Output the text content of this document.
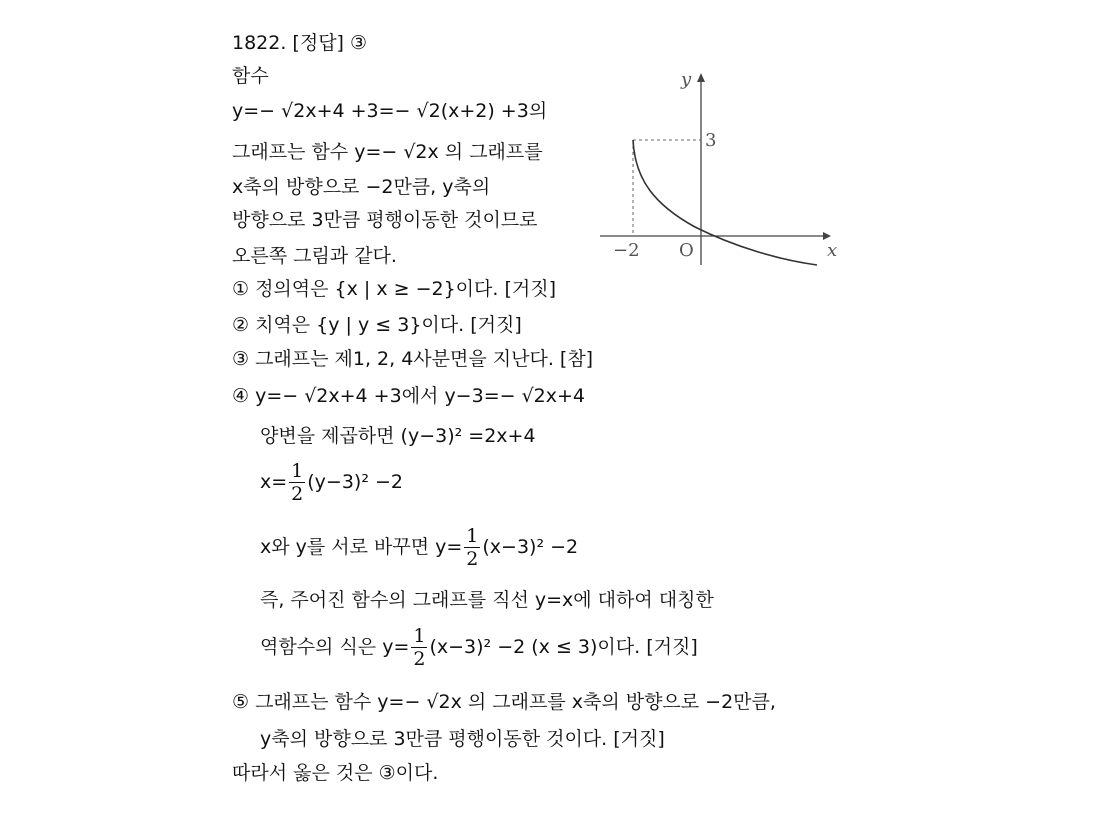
1822. [정답] ③
함수
y=− √2x+4 +3=− √2(x+2) +3의
그래프는 함수 y=− √2x 의 그래프를
x축의 방향으로 −2만큼, y축의
방향으로 3만큼 평행이동한 것이므로
오른쪽 그림과 같다.
① 정의역은 {x | x ≥ −2}이다. [거짓]
② 치역은 {y | y ≤ 3}이다. [거짓]
③ 그래프는 제1, 2, 4사분면을 지난다. [참]
④ y=− √2x+4 +3에서 y−3=− √2x+4
양변을 제곱하면 (y−3)² =2x+4
$x= \frac{1}{2} (y-3)^2 -2$
x와 y를 서로 바꾸면 $y= \frac{1}{2} (x-3)^2 -2$
즉, 주어진 함수의 그래프를 직선 y=x에 대하여 대칭한
역함수의 식은 $y= \frac{1}{2} (x-3)^2 -2$ (x ≤ 3)이다. [거짓]
⑤ 그래프는 함수 y=− √2x 의 그래프를 x축의 방향으로 −2만큼,
y축의 방향으로 3만큼 평행이동한 것이다. [거짓]
따라서 옳은 것은 ③이다.
y
x
O
−2
3
